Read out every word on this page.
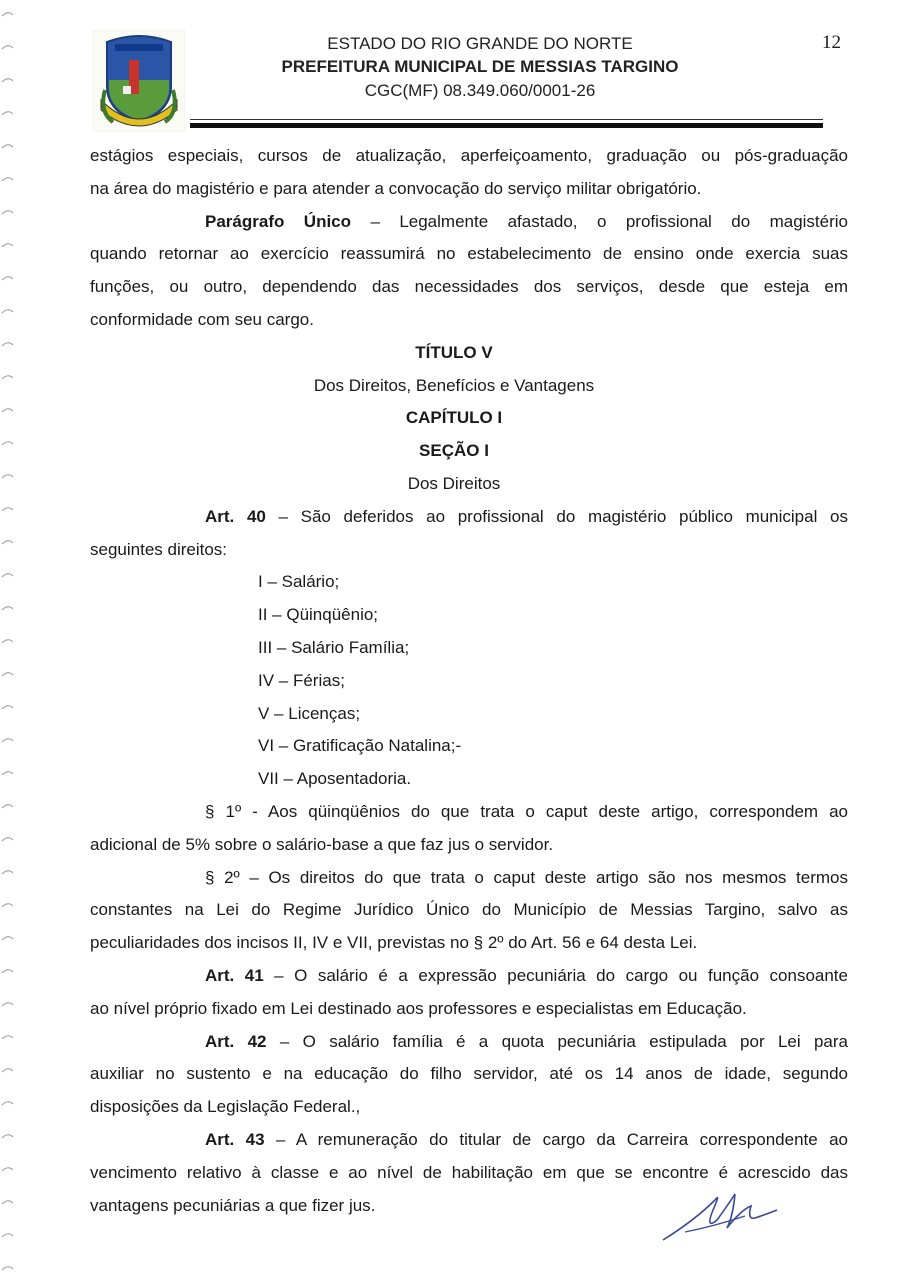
ESTADO DO RIO GRANDE DO NORTE
PREFEITURA MUNICIPAL DE MESSIAS TARGINO
CGC(MF) 08.349.060/0001-26
12
estágios especiais, cursos de atualização, aperfeiçoamento, graduação ou pós-graduação
na área do magistério e para atender a convocação do serviço militar obrigatório.
Parágrafo Único – Legalmente afastado, o profissional do magistério
quando retornar ao exercício reassumirá no estabelecimento de ensino onde exercia suas
funções, ou outro, dependendo das necessidades dos serviços, desde que esteja em
conformidade com seu cargo.
TÍTULO V
Dos Direitos, Benefícios e Vantagens
CAPÍTULO I
SEÇÃO I
Dos Direitos
Art. 40 – São deferidos ao profissional do magistério público municipal os
seguintes direitos:
I – Salário;
II – Qüinqüênio;
III – Salário Família;
IV – Férias;
V – Licenças;
VI – Gratificação Natalina;-
VII – Aposentadoria.
§ 1º - Aos qüinqüênios do que trata o caput deste artigo, correspondem ao
adicional de 5% sobre o salário-base a que faz jus o servidor.
§ 2º – Os direitos do que trata o caput deste artigo são nos mesmos termos
constantes na Lei do Regime Jurídico Único do Município de Messias Targino, salvo as
peculiaridades dos incisos II, IV e VII, previstas no § 2º do Art. 56 e 64 desta Lei.
Art. 41 – O salário é a expressão pecuniária do cargo ou função consoante
ao nível próprio fixado em Lei destinado aos professores e especialistas em Educação.
Art. 42 – O salário família é a quota pecuniária estipulada por Lei para
auxiliar no sustento e na educação do filho servidor, até os 14 anos de idade, segundo
disposições da Legislação Federal.,
Art. 43 – A remuneração do titular de cargo da Carreira correspondente ao
vencimento relativo à classe e ao nível de habilitação em que se encontre é acrescido das
vantagens pecuniárias a que fizer jus.
